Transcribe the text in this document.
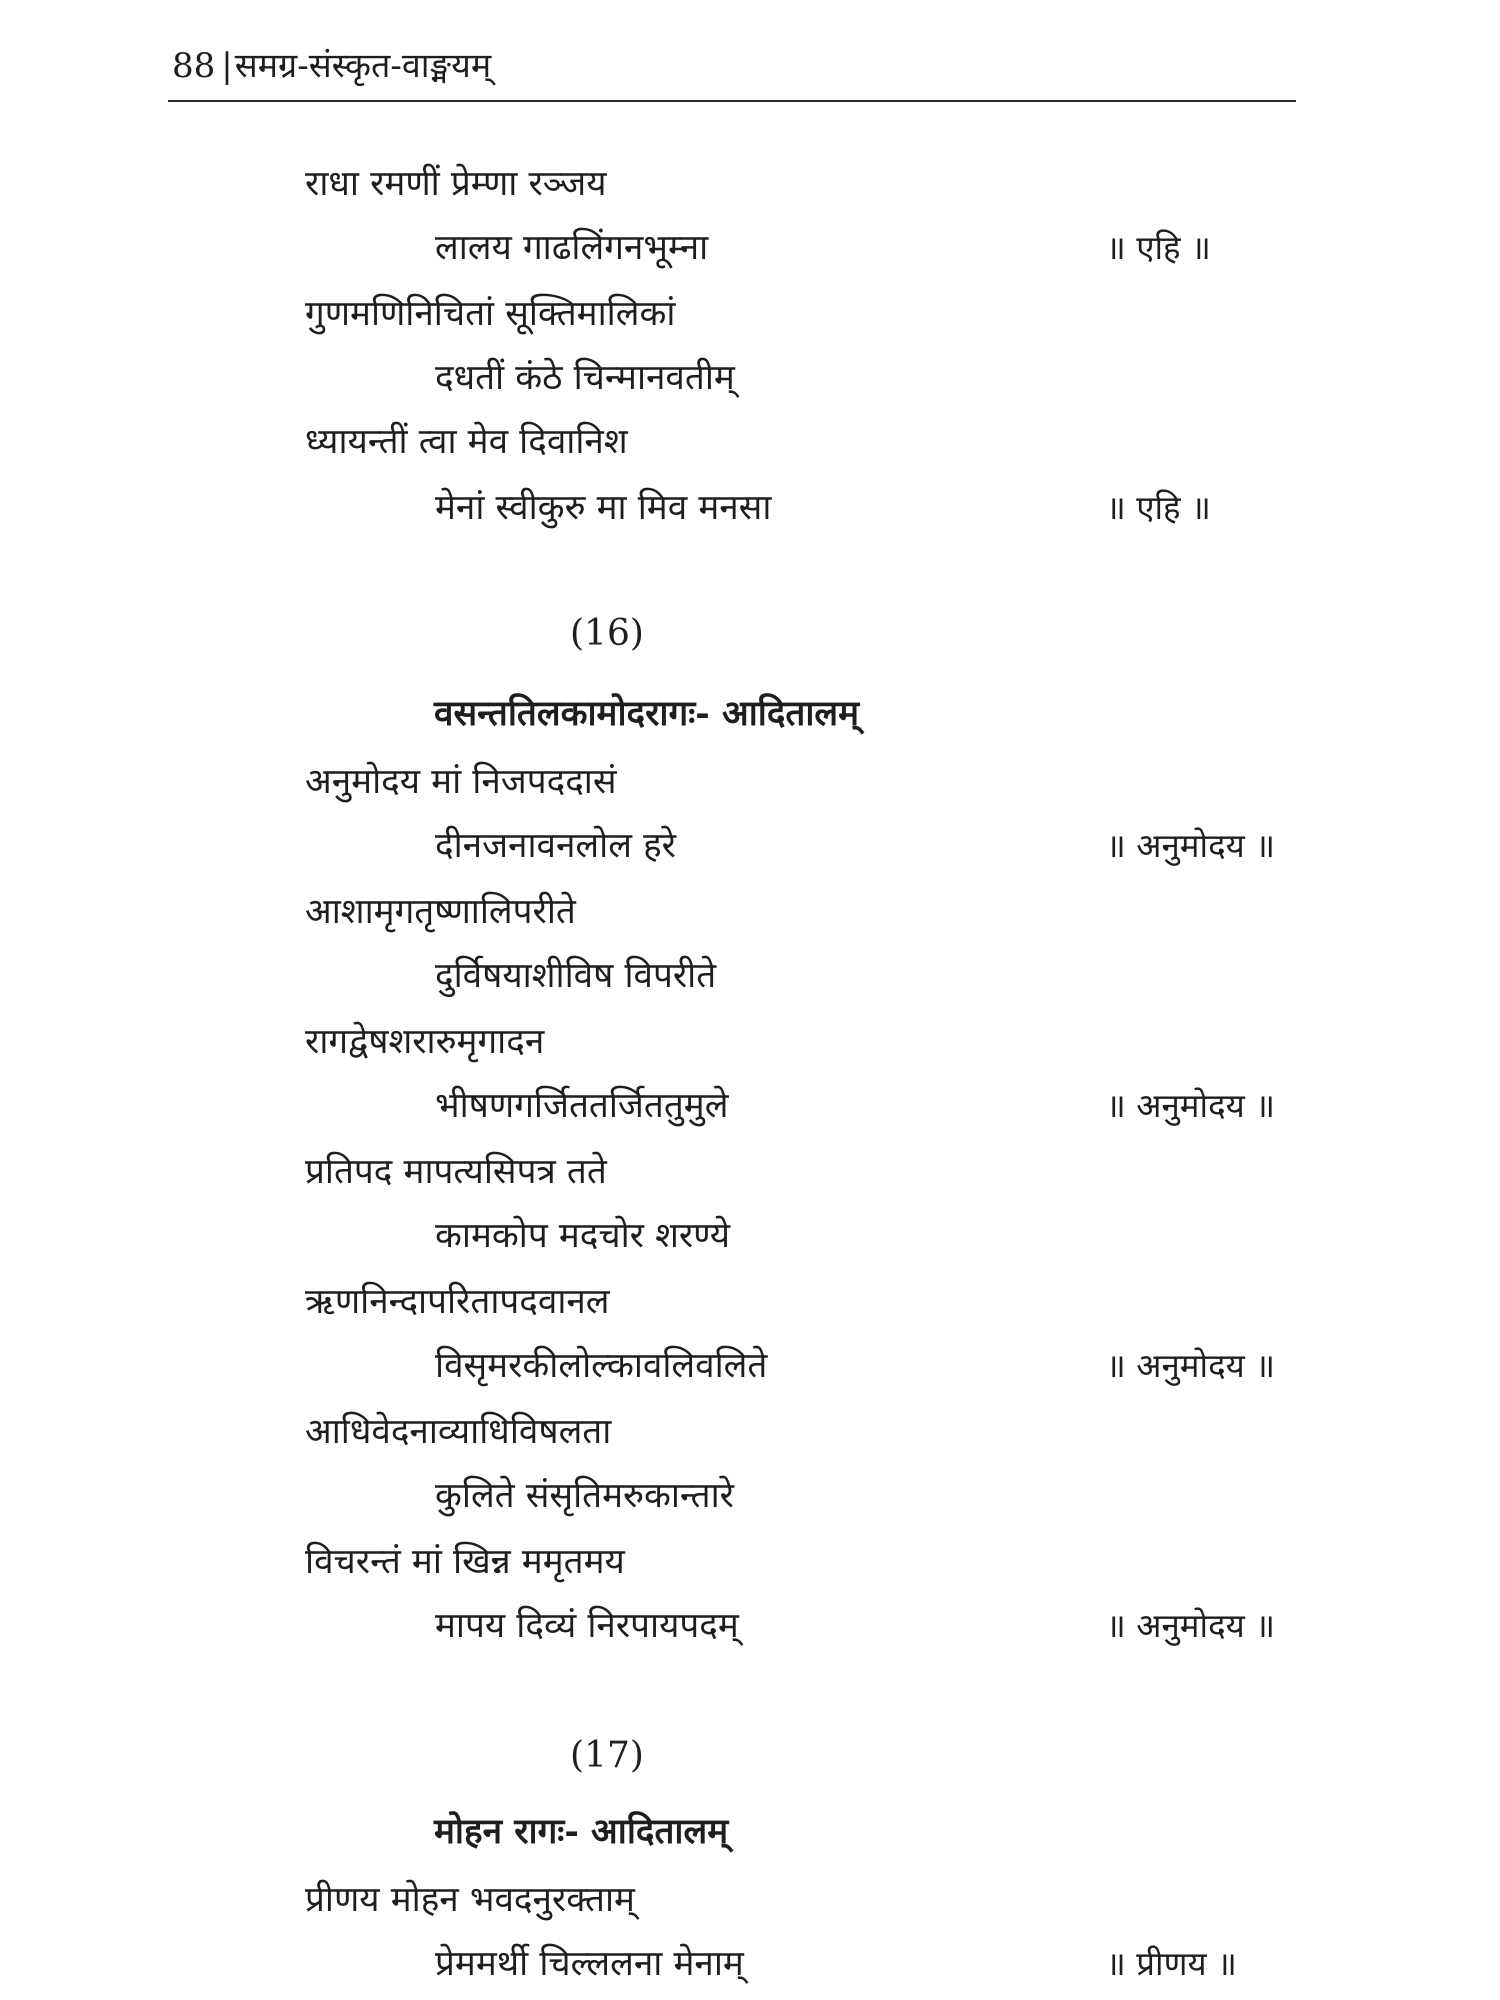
88 |समग्र-संस्कृत-वाङ्मयम्
राधा रमणीं प्रेम्णा रञ्जय
लालय गाढलिंगनभूम्ना	॥ एहि ॥
गुणमणिनिचितां सूक्तिमालिकां
दधतीं कंठे चिन्मानवतीम्
ध्यायन्तीं त्वा मेव दिवानिश
मेनां स्वीकुरु मा मिव मनसा	॥ एहि ॥
(16)
वसन्ततिलकामोदरागः- आदितालम्
अनुमोदय मां निजपददासं
दीनजनावनलोल हरे	॥ अनुमोदय ॥
आशामृगतृष्णालिपरीते
दुर्विषयाशीविष विपरीते
रागद्वेषशरारुमृगादन
भीषणगर्जिततर्जिततुमुले	॥ अनुमोदय ॥
प्रतिपद मापत्यसिपत्र तते
कामकोप मदचोर शरण्ये
ऋणनिन्दापरितापदवानल
विसृमरकीलोल्कावलिवलिते	॥ अनुमोदय ॥
आधिवेदनाव्याधिविषलता
कुलिते संसृतिमरुकान्तारे
विचरन्तं मां खिन्न ममृतमय
मापय दिव्यं निरपायपदम्	॥ अनुमोदय ॥
(17)
मोहन रागः- आदितालम्
प्रीणय मोहन भवदनुरक्ताम्
प्रेममर्थी चिल्ललना मेनाम्	॥ प्रीणय ॥
